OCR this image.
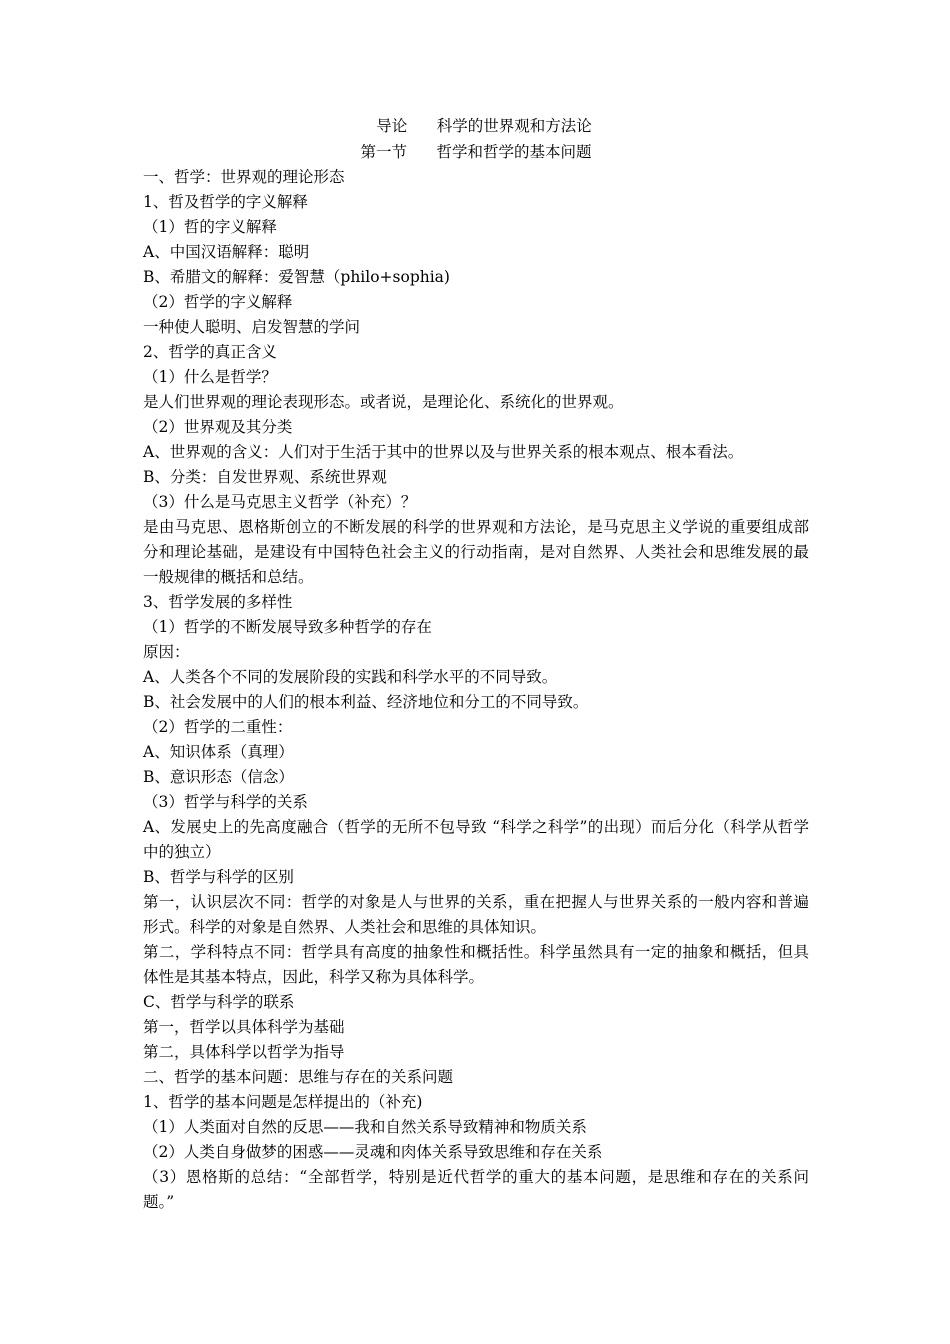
导论      科学的世界观和方法论
第一节      哲学和哲学的基本问题
一、哲学：世界观的理论形态
1、哲及哲学的字义解释
（1）哲的字义解释
A、中国汉语解释：聪明
B、希腊文的解释：爱智慧（philo+sophia)
（2）哲学的字义解释
一种使人聪明、启发智慧的学问
2、哲学的真正含义
（1）什么是哲学？
是人们世界观的理论表现形态。或者说，是理论化、系统化的世界观。
（2）世界观及其分类
A、世界观的含义：人们对于生活于其中的世界以及与世界关系的根本观点、根本看法。
B、分类：自发世界观、系统世界观
（3）什么是马克思主义哲学（补充）？
是由马克思、恩格斯创立的不断发展的科学的世界观和方法论，是马克思主义学说的重要组成部分和理论基础，是建设有中国特色社会主义的行动指南，是对自然界、人类社会和思维发展的最一般规律的概括和总结。
3、哲学发展的多样性
（1）哲学的不断发展导致多种哲学的存在
原因：
A、人类各个不同的发展阶段的实践和科学水平的不同导致。
B、社会发展中的人们的根本利益、经济地位和分工的不同导致。
（2）哲学的二重性：
A、知识体系（真理）
B、意识形态（信念）
（3）哲学与科学的关系
A、发展史上的先高度融合（哲学的无所不包导致 “科学之科学”的出现）而后分化（科学从哲学中的独立）
B、哲学与科学的区别
第一，认识层次不同：哲学的对象是人与世界的关系，重在把握人与世界关系的一般内容和普遍形式。科学的对象是自然界、人类社会和思维的具体知识。
第二，学科特点不同：哲学具有高度的抽象性和概括性。科学虽然具有一定的抽象和概括，但具体性是其基本特点，因此，科学又称为具体科学。
C、哲学与科学的联系
第一，哲学以具体科学为基础
第二，具体科学以哲学为指导
二、哲学的基本问题：思维与存在的关系问题
1、哲学的基本问题是怎样提出的（补充)
（1）人类面对自然的反思——我和自然关系导致精神和物质关系
（2）人类自身做梦的困惑——灵魂和肉体关系导致思维和存在关系
（3）恩格斯的总结：“全部哲学，特别是近代哲学的重大的基本问题，是思维和存在的关系问题。”
